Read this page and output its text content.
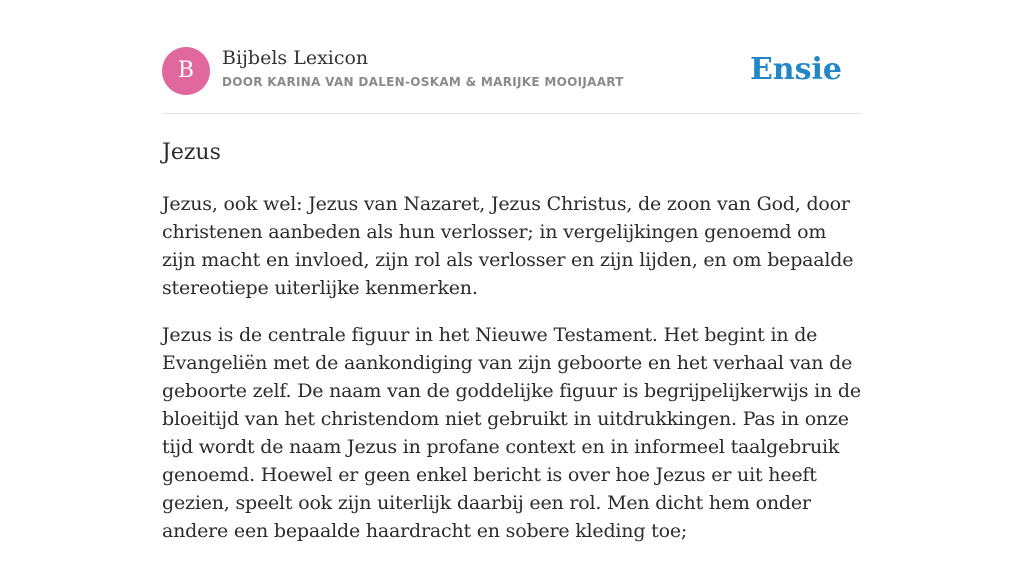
B	Bijbels Lexicon
DOOR KARINA VAN DALEN-OSKAM & MARIJKE MOOIJAART	Ensie
Jezus

Jezus, ook wel: Jezus van Nazaret, Jezus Christus, de zoon van God, door christenen aanbeden als hun verlosser; in vergelijkingen genoemd om zijn macht en invloed, zijn rol als verlosser en zijn lijden, en om bepaalde stereotiepe uiterlijke kenmerken.

Jezus is de centrale figuur in het Nieuwe Testament. Het begint in de Evangeliën met de aankondiging van zijn geboorte en het verhaal van de geboorte zelf. De naam van de goddelijke figuur is begrijpelijkerwijs in de bloeitijd van het christendom niet gebruikt in uitdrukkingen. Pas in onze tijd wordt de naam Jezus in profane context en in informeel taalgebruik genoemd. Hoewel er geen enkel bericht is over hoe Jezus er uit heeft gezien, speelt ook zijn uiterlijk daarbij een rol. Men dicht hem onder andere een bepaalde haardracht en sobere kleding toe;
